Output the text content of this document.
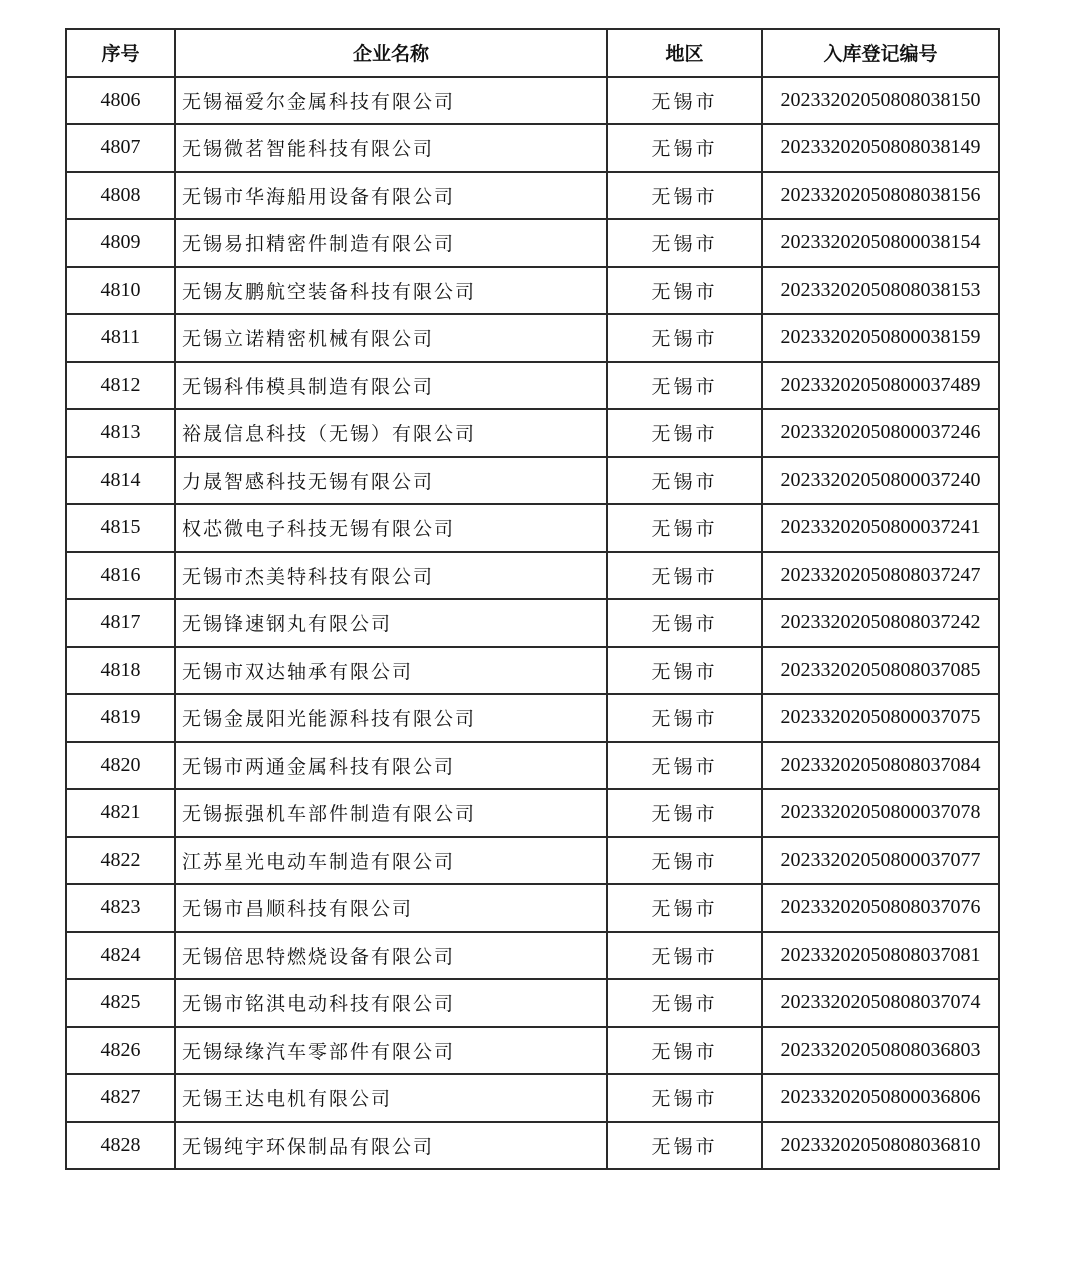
序号	企业名称	地区	入库登记编号
4806	无锡福爱尔金属科技有限公司	无锡市	20233202050808038150
4807	无锡微茗智能科技有限公司	无锡市	20233202050808038149
4808	无锡市华海船用设备有限公司	无锡市	20233202050808038156
4809	无锡易扣精密件制造有限公司	无锡市	20233202050800038154
4810	无锡友鹏航空装备科技有限公司	无锡市	20233202050808038153
4811	无锡立诺精密机械有限公司	无锡市	20233202050800038159
4812	无锡科伟模具制造有限公司	无锡市	20233202050800037489
4813	裕晟信息科技（无锡）有限公司	无锡市	20233202050800037246
4814	力晟智感科技无锡有限公司	无锡市	20233202050800037240
4815	权芯微电子科技无锡有限公司	无锡市	20233202050800037241
4816	无锡市杰美特科技有限公司	无锡市	20233202050808037247
4817	无锡锋速钢丸有限公司	无锡市	20233202050808037242
4818	无锡市双达轴承有限公司	无锡市	20233202050808037085
4819	无锡金晟阳光能源科技有限公司	无锡市	20233202050800037075
4820	无锡市两通金属科技有限公司	无锡市	20233202050808037084
4821	无锡振强机车部件制造有限公司	无锡市	20233202050800037078
4822	江苏星光电动车制造有限公司	无锡市	20233202050800037077
4823	无锡市昌顺科技有限公司	无锡市	20233202050808037076
4824	无锡倍思特燃烧设备有限公司	无锡市	20233202050808037081
4825	无锡市铭淇电动科技有限公司	无锡市	20233202050808037074
4826	无锡绿缘汽车零部件有限公司	无锡市	20233202050808036803
4827	无锡王达电机有限公司	无锡市	20233202050800036806
4828	无锡纯宇环保制品有限公司	无锡市	20233202050808036810
